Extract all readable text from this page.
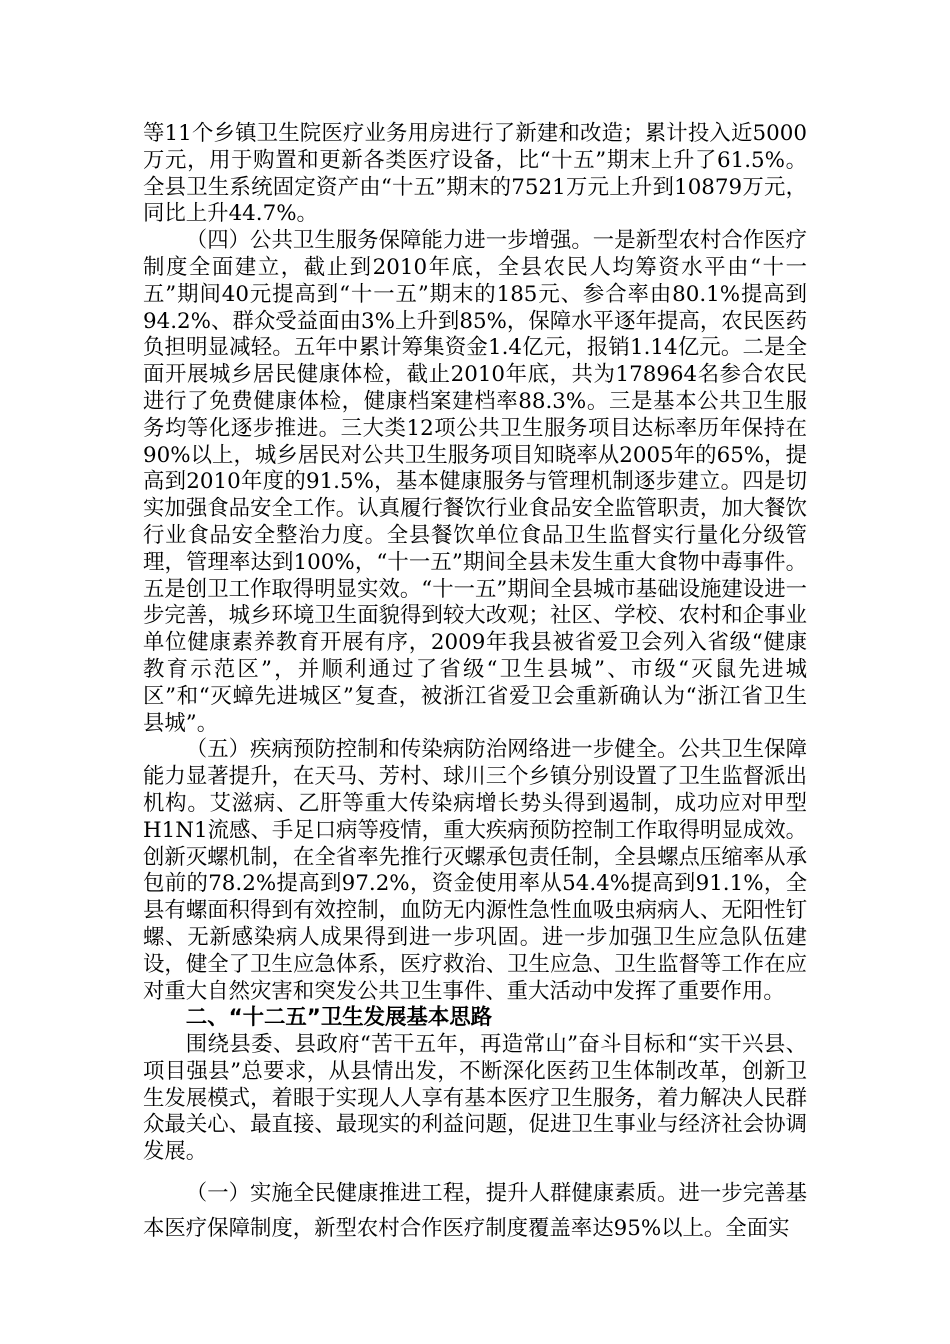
等11个乡镇卫生院医疗业务用房进行了新建和改造；累计投入近5000万元，用于购置和更新各类医疗设备，比“十五”期末上升了61.5%。全县卫生系统固定资产由“十五”期末的7521万元上升到10879万元，同比上升44.7%。

（四）公共卫生服务保障能力进一步增强。一是新型农村合作医疗制度全面建立，截止到2010年底，全县农民人均筹资水平由“十一五”期间40元提高到“十一五”期末的185元、参合率由80.1%提高到94.2%、群众受益面由3%上升到85%，保障水平逐年提高，农民医药负担明显减轻。五年中累计筹集资金1.4亿元，报销1.14亿元。二是全面开展城乡居民健康体检，截止2010年底，共为178964名参合农民进行了免费健康体检，健康档案建档率88.3%。三是基本公共卫生服务均等化逐步推进。三大类12项公共卫生服务项目达标率历年保持在90%以上，城乡居民对公共卫生服务项目知晓率从2005年的65%，提高到2010年度的91.5%，基本健康服务与管理机制逐步建立。四是切实加强食品安全工作。认真履行餐饮行业食品安全监管职责，加大餐饮行业食品安全整治力度。全县餐饮单位食品卫生监督实行量化分级管理，管理率达到100%，“十一五”期间全县未发生重大食物中毒事件。五是创卫工作取得明显实效。“十一五”期间全县城市基础设施建设进一步完善，城乡环境卫生面貌得到较大改观；社区、学校、农村和企事业单位健康素养教育开展有序，2009年我县被省爱卫会列入省级“健康教育示范区”，并顺利通过了省级“卫生县城”、市级“灭鼠先进城区”和“灭蟑先进城区”复查，被浙江省爱卫会重新确认为“浙江省卫生县城”。

（五）疾病预防控制和传染病防治网络进一步健全。公共卫生保障能力显著提升，在天马、芳村、球川三个乡镇分别设置了卫生监督派出机构。艾滋病、乙肝等重大传染病增长势头得到遏制，成功应对甲型H1N1流感、手足口病等疫情，重大疾病预防控制工作取得明显成效。创新灭螺机制，在全省率先推行灭螺承包责任制，全县螺点压缩率从承包前的78.2%提高到97.2%，资金使用率从54.4%提高到91.1%，全县有螺面积得到有效控制，血防无内源性急性血吸虫病病人、无阳性钉螺、无新感染病人成果得到进一步巩固。进一步加强卫生应急队伍建设，健全了卫生应急体系，医疗救治、卫生应急、卫生监督等工作在应对重大自然灾害和突发公共卫生事件、重大活动中发挥了重要作用。

二、“十二五”卫生发展基本思路

围绕县委、县政府“苦干五年，再造常山”奋斗目标和“实干兴县、项目强县”总要求，从县情出发，不断深化医药卫生体制改革，创新卫生发展模式，着眼于实现人人享有基本医疗卫生服务，着力解决人民群众最关心、最直接、最现实的利益问题，促进卫生事业与经济社会协调发展。

（一）实施全民健康推进工程，提升人群健康素质。进一步完善基本医疗保障制度，新型农村合作医疗制度覆盖率达95%以上。全面实
